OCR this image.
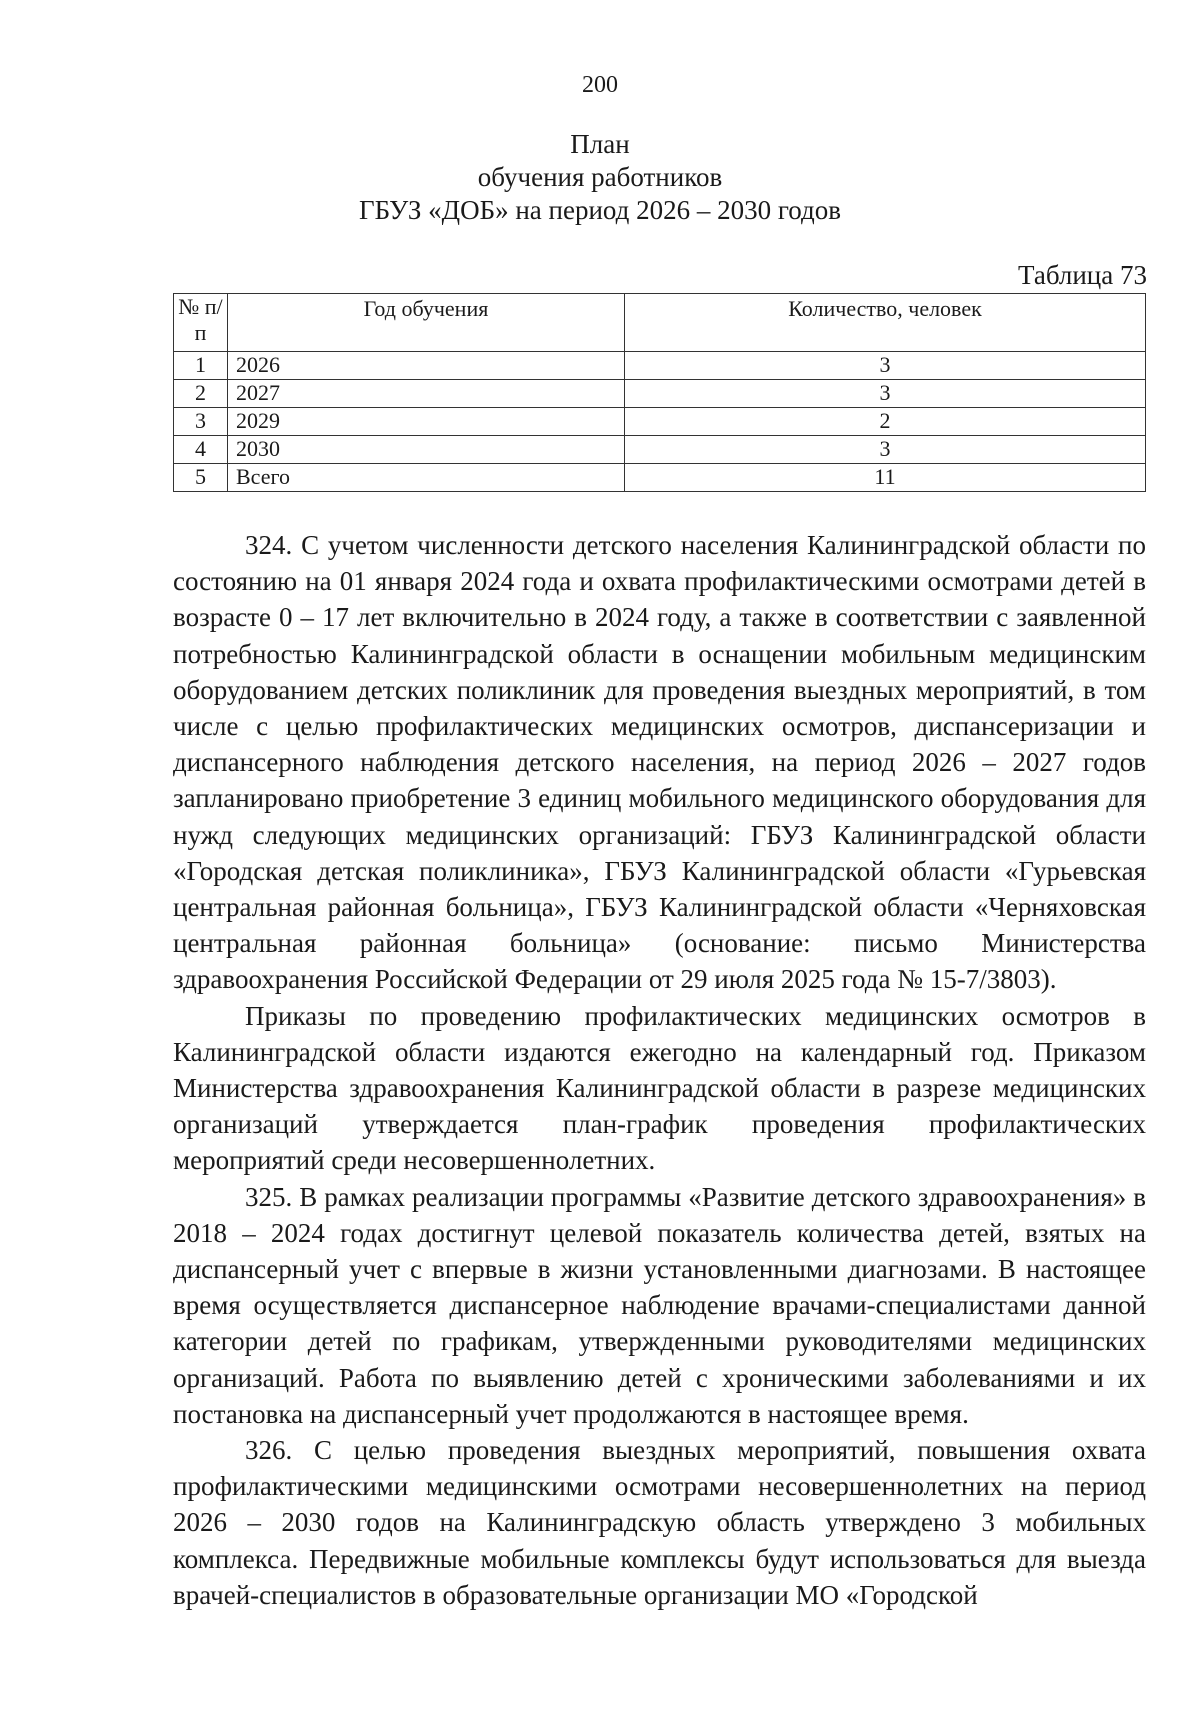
200
План
обучения работников
ГБУЗ «ДОБ» на период 2026 – 2030 годов
Таблица 73
№ п/п	Год обучения	Количество, человек
1	2026	3
2	2027	3
3	2029	2
4	2030	3
5	Всего	11

324. С учетом численности детского населения Калининградской области по состоянию на 01 января 2024 года и охвата профилактическими осмотрами детей в возрасте 0 – 17 лет включительно в 2024 году, а также в соответствии с заявленной потребностью Калининградской области в оснащении мобильным медицинским оборудованием детских поликлиник для проведения выездных мероприятий, в том числе с целью профилактических медицинских осмотров, диспансеризации и диспансерного наблюдения детского населения, на период 2026 – 2027 годов запланировано приобретение 3 единиц мобильного медицинского оборудования для нужд следующих медицинских организаций: ГБУЗ Калининградской области «Городская детская поликлиника», ГБУЗ Калининградской области «Гурьевская центральная районная больница», ГБУЗ Калининградской области «Черняховская центральная районная больница» (основание: письмо Министерства здравоохранения Российской Федерации от 29 июля 2025 года № 15-7/3803).

Приказы по проведению профилактических медицинских осмотров в Калининградской области издаются ежегодно на календарный год. Приказом Министерства здравоохранения Калининградской области в разрезе медицинских организаций утверждается план-график проведения профилактических мероприятий среди несовершеннолетних.

325. В рамках реализации программы «Развитие детского здравоохранения» в 2018 – 2024 годах достигнут целевой показатель количества детей, взятых на диспансерный учет с впервые в жизни установленными диагнозами. В настоящее время осуществляется диспансерное наблюдение врачами-специалистами данной категории детей по графикам, утвержденными руководителями медицинских организаций. Работа по выявлению детей с хроническими заболеваниями и их постановка на диспансерный учет продолжаются в настоящее время.

326. С целью проведения выездных мероприятий, повышения охвата профилактическими медицинскими осмотрами несовершеннолетних на период 2026 – 2030 годов на Калининградскую область утверждено 3 мобильных комплекса. Передвижные мобильные комплексы будут использоваться для выезда врачей-специалистов в образовательные организации МО «Городской
